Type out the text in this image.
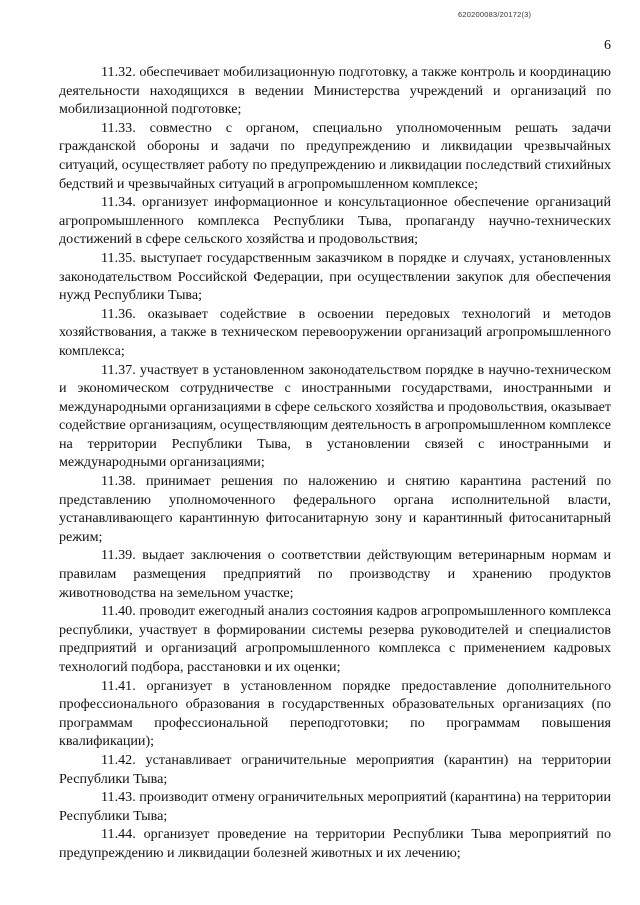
620200083/20172(3)
6

11.32. обеспечивает мобилизационную подготовку, а также контроль и координацию деятельности находящихся в ведении Министерства учреждений и организаций по мобилизационной подготовке;

11.33. совместно с органом, специально уполномоченным решать задачи гражданской обороны и задачи по предупреждению и ликвидации чрезвычайных ситуаций, осуществляет работу по предупреждению и ликвидации последствий стихийных бедствий и чрезвычайных ситуаций в агропромышленном комплексе;

11.34. организует информационное и консультационное обеспечение организаций агропромышленного комплекса Республики Тыва, пропаганду научно-технических достижений в сфере сельского хозяйства и продовольствия;

11.35. выступает государственным заказчиком в порядке и случаях, установленных законодательством Российской Федерации, при осуществлении закупок для обеспечения нужд Республики Тыва;

11.36. оказывает содействие в освоении передовых технологий и методов хозяйствования, а также в техническом перевооружении организаций агропромышленного комплекса;

11.37. участвует в установленном законодательством порядке в научно-техническом и экономическом сотрудничестве с иностранными государствами, иностранными и международными организациями в сфере сельского хозяйства и продовольствия, оказывает содействие организациям, осуществляющим деятельность в агропромышленном комплексе на территории Республики Тыва, в установлении связей с иностранными и международными организациями;

11.38. принимает решения по наложению и снятию карантина растений по представлению уполномоченного федерального органа исполнительной власти, устанавливающего карантинную фитосанитарную зону и карантинный фитосанитарный режим;

11.39. выдает заключения о соответствии действующим ветеринарным нормам и правилам размещения предприятий по производству и хранению продуктов животноводства на земельном участке;

11.40. проводит ежегодный анализ состояния кадров агропромышленного комплекса республики, участвует в формировании системы резерва руководителей и специалистов предприятий и организаций агропромышленного комплекса с применением кадровых технологий подбора, расстановки и их оценки;

11.41. организует в установленном порядке предоставление дополнительного профессионального образования в государственных образовательных организациях (по программам профессиональной переподготовки; по программам повышения квалификации);

11.42. устанавливает ограничительные мероприятия (карантин) на территории Республики Тыва;

11.43. производит отмену ограничительных мероприятий (карантина) на территории Республики Тыва;

11.44. организует проведение на территории Республики Тыва мероприятий по предупреждению и ликвидации болезней животных и их лечению;
